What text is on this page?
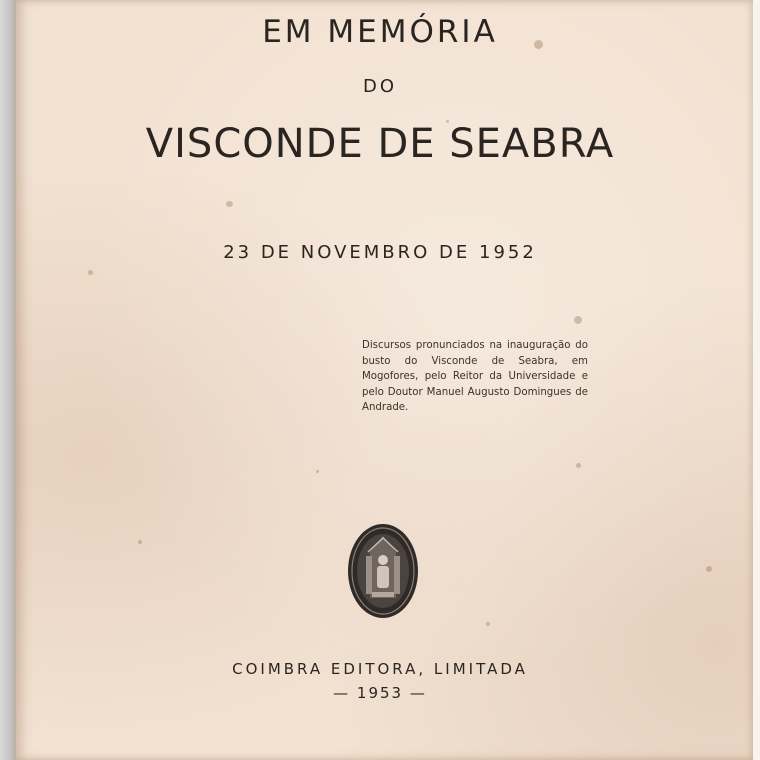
EM MEMÓRIA
DO
VISCONDE DE SEABRA
23 DE NOVEMBRO DE 1952
Discursos pronunciados na inauguração do busto do Visconde de Seabra, em Mogofores, pelo Reitor da Universidade e pelo Doutor Manuel Augusto Domingues de Andrade.
COIMBRA EDITORA, LIMITADA
— 1953 —
